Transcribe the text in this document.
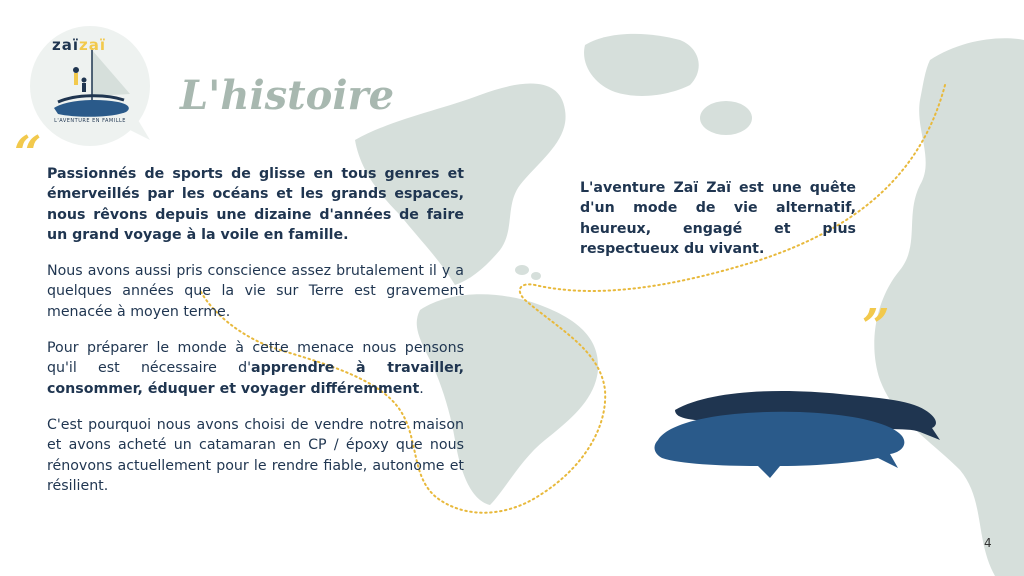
zaïzaï
L'AVENTURE EN FAMILLE
L'histoire
“
”

Passionnés de sports de glisse en tous genres et émerveillés par les océans et les grands espaces, nous rêvons depuis une dizaine d'années de faire un grand voyage à la voile en famille.

Nous avons aussi pris conscience assez brutalement il y a quelques années que la vie sur Terre est gravement menacée à moyen terme.

Pour préparer le monde à cette menace nous pensons qu'il est nécessaire d'apprendre à travailler, consommer, éduquer et voyager différemment.

C'est pourquoi nous avons choisi de vendre notre maison et avons acheté un catamaran en CP / époxy que nous rénovons actuellement pour le rendre fiable, autonome et résilient.

L'aventure Zaï Zaï est une quête d'un mode de vie alternatif, heureux, engagé et plus respectueux du vivant.
4
